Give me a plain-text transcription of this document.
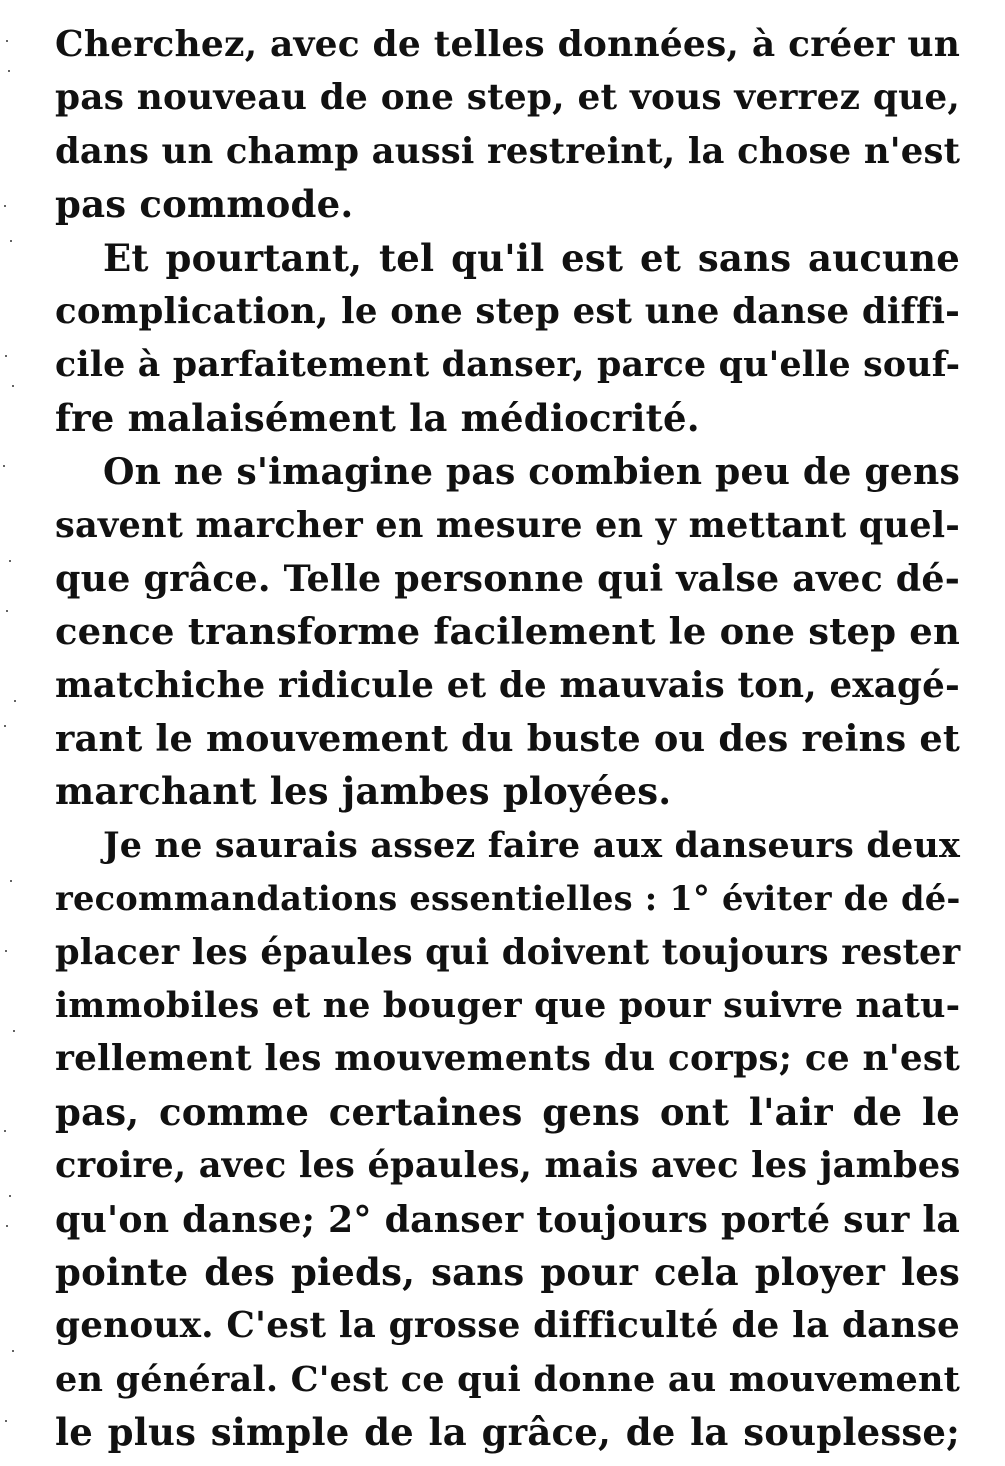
Cherchez, avec de telles données, à créer un
pas nouveau de one step, et vous verrez que,
dans un champ aussi restreint, la chose n'est
pas commode.
Et pourtant, tel qu'il est et sans aucune
complication, le one step est une danse diffi-
cile à parfaitement danser, parce qu'elle souf-
fre malaisément la médiocrité.
On ne s'imagine pas combien peu de gens
savent marcher en mesure en y mettant quel-
que grâce. Telle personne qui valse avec dé-
cence transforme facilement le one step en
matchiche ridicule et de mauvais ton, exagé-
rant le mouvement du buste ou des reins et
marchant les jambes ployées.
Je ne saurais assez faire aux danseurs deux
recommandations essentielles : 1° éviter de dé-
placer les épaules qui doivent toujours rester
immobiles et ne bouger que pour suivre natu-
rellement les mouvements du corps; ce n'est
pas, comme certaines gens ont l'air de le
croire, avec les épaules, mais avec les jambes
qu'on danse; 2° danser toujours porté sur la
pointe des pieds, sans pour cela ployer les
genoux. C'est la grosse difficulté de la danse
en général. C'est ce qui donne au mouvement
le plus simple de la grâce, de la souplesse;
